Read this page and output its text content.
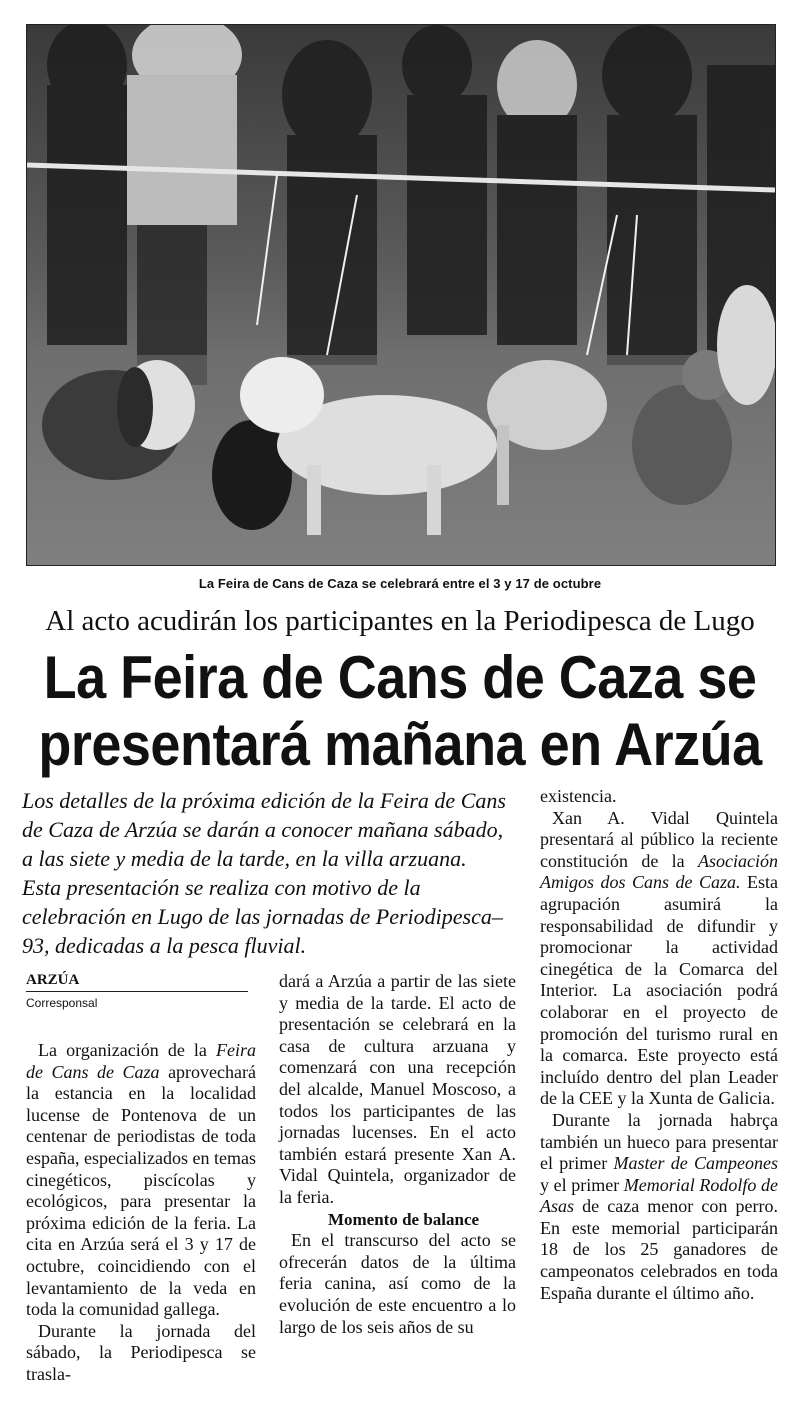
La Feira de Cans de Caza se celebrará entre el 3 y 17 de octubre
Al acto acudirán los participantes en la Periodipesca de Lugo
La Feira de Cans de Caza se
presentará mañana en Arzúa

Los detalles de la próxima edición de la Feira de Cans de Caza de Arzúa se darán a conocer mañana sábado, a las siete y media de la tarde, en la villa arzuana. Esta presentación se realiza con motivo de la celebración en Lugo de las jornadas de Periodipesca–93, dedicadas a la pesca fluvial.

ARZÚA
Corresponsal

La organización de la Feira de Cans de Caza aprovechará la estancia en la localidad lucense de Pontenova de un centenar de periodistas de toda españa, especializados en temas cinegéticos, piscícolas y ecológicos, para presentar la próxima edición de la feria. La cita en Arzúa será el 3 y 17 de octubre, coincidiendo con el levantamiento de la veda en toda la comunidad gallega.

Durante la jornada del sábado, la Periodipesca se trasla-

dará a Arzúa a partir de las siete y media de la tarde. El acto de presentación se celebrará en la casa de cultura arzuana y comenzará con una recepción del alcalde, Manuel Moscoso, a todos los participantes de las jornadas lucenses. En el acto también estará presente Xan A. Vidal Quintela, organizador de la feria.

Momento de balance

En el transcurso del acto se ofrecerán datos de la última feria canina, así como de la evolución de este encuentro a lo largo de los seis años de su

existencia.

Xan A. Vidal Quintela presentará al público la reciente constitución de la Asociación Amigos dos Cans de Caza. Esta agrupación asumirá la responsabilidad de difundir y promocionar la actividad cinegética de la Comarca del Interior. La asociación podrá colaborar en el proyecto de promoción del turismo rural en la comarca. Este proyecto está incluído dentro del plan Leader de la CEE y la Xunta de Galicia.

Durante la jornada habrça también un hueco para presentar el primer Master de Campeones y el primer Memorial Rodolfo de Asas de caza menor con perro. En este memorial participarán 18 de los 25 ganadores de campeonatos celebrados en toda España durante el último año.
